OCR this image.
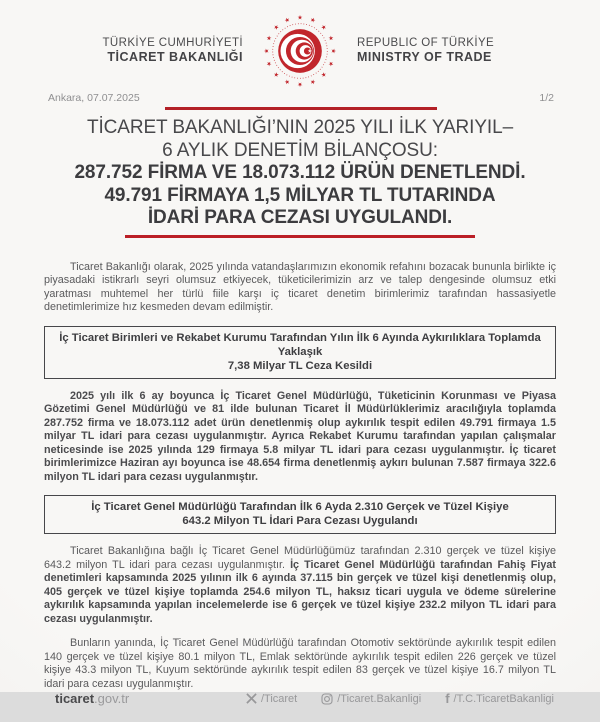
TÜRKİYE CUMHURİYETİ
TİCARET BAKANLIĞI
REPUBLIC OF TÜRKİYE
MINISTRY OF TRADE
Ankara, 07.07.2025	1/2
TİCARET BAKANLIĞI’NIN 2025 YILI İLK YARIYIL–
6 AYLIK DENETİM BİLANÇOSU:
287.752 FİRMA VE 18.073.112 ÜRÜN DENETLENDİ.
49.791 FİRMAYA 1,5 MİLYAR TL TUTARINDA
İDARİ PARA CEZASI UYGULANDI.

Ticaret Bakanlığı olarak, 2025 yılında vatandaşlarımızın ekonomik refahını bozacak bununla birlikte iç piyasadaki istikrarlı seyri olumsuz etkiyecek, tüketicilerimizin arz ve talep dengesinde olumsuz etki yaratması muhtemel her türlü fiile karşı iç ticaret denetim birimlerimiz tarafından hassasiyetle denetimlerimize hız kesmeden devam edilmiştir.

İç Ticaret Birimleri ve Rekabet Kurumu Tarafından Yılın İlk 6 Ayında Aykırılıklara Toplamda Yaklaşık
7,38 Milyar TL Ceza Kesildi

2025 yılı ilk 6 ay boyunca İç Ticaret Genel Müdürlüğü, Tüketicinin Korunması ve Piyasa Gözetimi Genel Müdürlüğü ve 81 ilde bulunan Ticaret İl Müdürlüklerimiz aracılığıyla toplamda 287.752 firma ve 18.073.112 adet ürün denetlenmiş olup aykırılık tespit edilen 49.791 firmaya 1.5 milyar TL idari para cezası uygulanmıştır. Ayrıca Rekabet Kurumu tarafından yapılan çalışmalar neticesinde ise 2025 yılında 129 firmaya 5.8 milyar TL idari para cezası uygulanmıştır. İç ticaret birimlerimizce Haziran ayı boyunca ise 48.654 firma denetlenmiş aykırı bulunan 7.587 firmaya 322.6 milyon TL idari para cezası uygulanmıştır.

İç Ticaret Genel Müdürlüğü Tarafından İlk 6 Ayda 2.310 Gerçek ve Tüzel Kişiye
643.2 Milyon TL İdari Para Cezası Uygulandı

Ticaret Bakanlığına bağlı İç Ticaret Genel Müdürlüğümüz tarafından 2.310 gerçek ve tüzel kişiye 643.2 milyon TL idari para cezası uygulanmıştır. İç Ticaret Genel Müdürlüğü tarafından Fahiş Fiyat denetimleri kapsamında 2025 yılının ilk 6 ayında 37.115 bin gerçek ve tüzel kişi denetlenmiş olup, 405 gerçek ve tüzel kişiye toplamda 254.6 milyon TL, haksız ticari uygula ve ödeme sürelerine aykırılık kapsamında yapılan incelemelerde ise 6 gerçek ve tüzel kişiye 232.2 milyon TL idari para cezası uygulanmıştır.

Bunların yanında, İç Ticaret Genel Müdürlüğü tarafından Otomotiv sektöründe aykırılık tespit edilen 140 gerçek ve tüzel kişiye 80.1 milyon TL, Emlak sektöründe aykırılık tespit edilen 226 gerçek ve tüzel kişiye 43.3 milyon TL, Kuyum sektöründe aykırılık tespit edilen 83 gerçek ve tüzel kişiye 16.7 milyon TL idari para cezası uygulanmıştır.

ticaret.gov.tr	/Ticaret	/Ticaret.Bakanligi f /T.C.TicaretBakanligi
